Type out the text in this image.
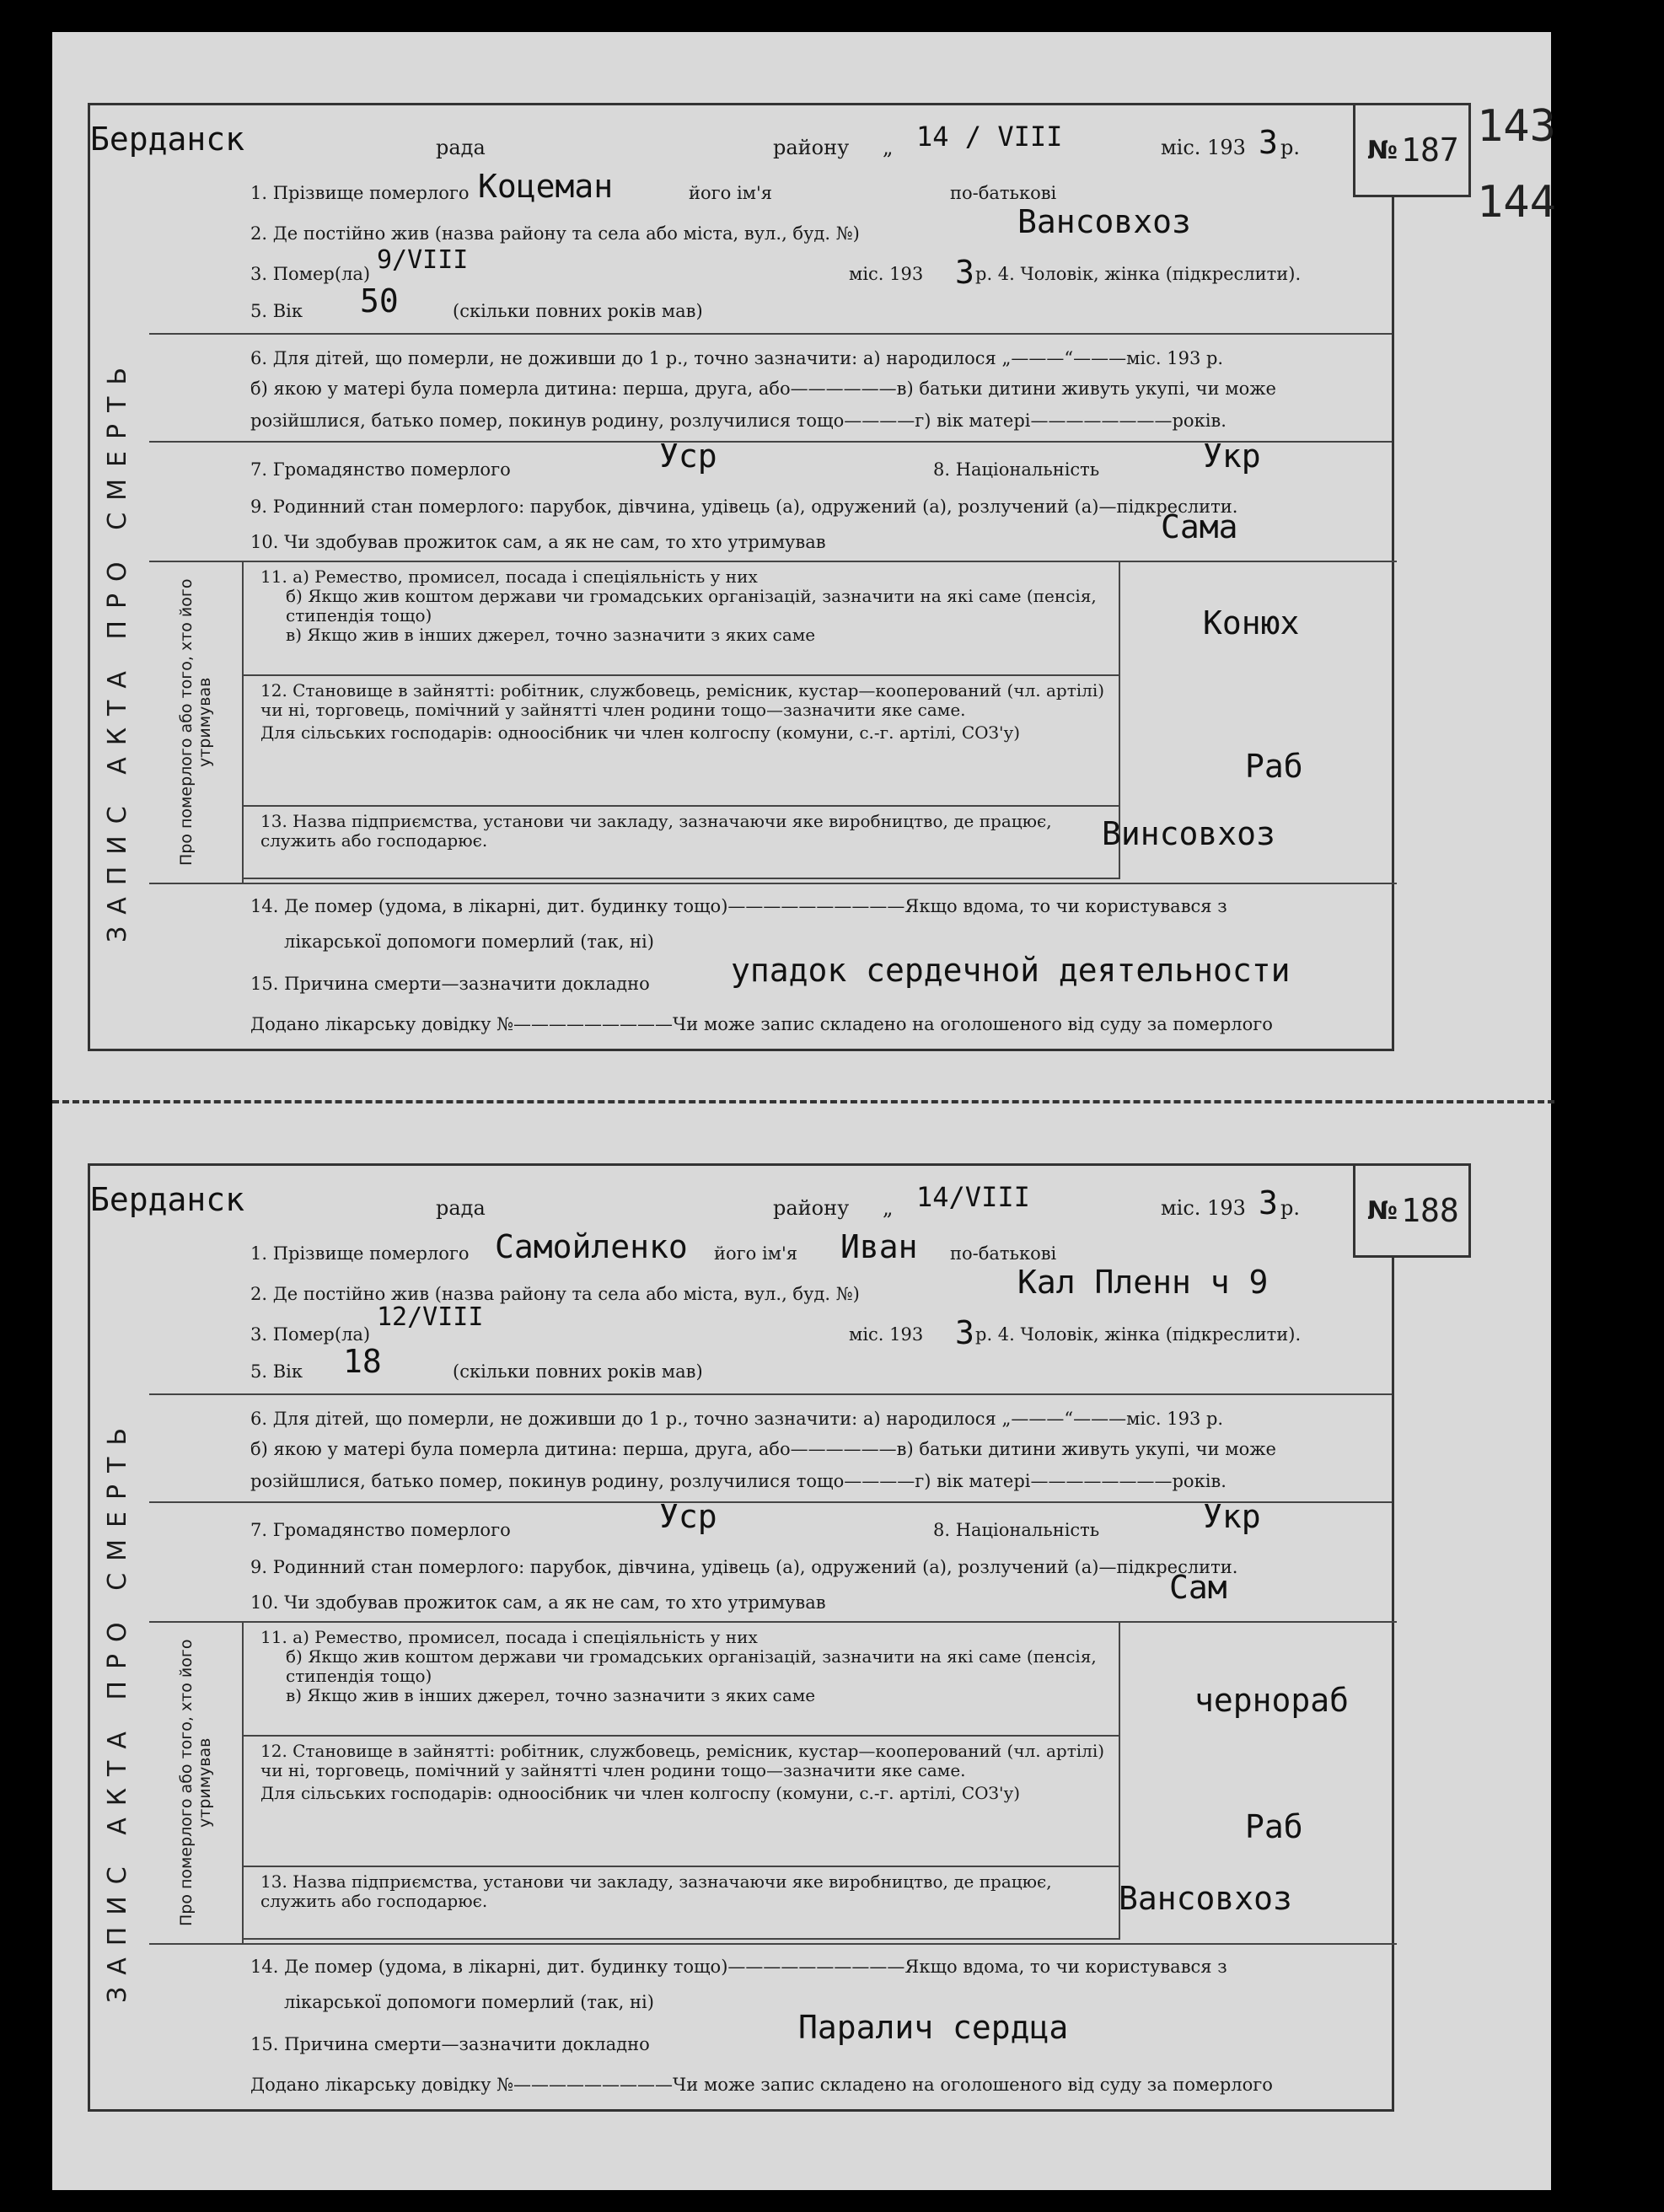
143
144
№ 187
Берданск	рада	району „ 14 / VIII	міс. 193 3 р.
ЗАПИС АКТА ПРО СМЕРТЬ
1. Прізвище померлого Коцеман	його ім'я	по-батькові
2. Де постійно жив (назва району та села або міста, вул., буд. №)	Вансовхоз
3. Помер(ла) 9/VIII	міс. 193 3 р. 4. Чоловік, жінка (підкреслити).
5. Вік 50	(скільки повних років мав)
6. Для дітей, що померли, не доживши до 1 р., точно зазначити: а) народилося „———“———міс. 193 р.
б) якою у матері була померла дитина: перша, друга, або——————в) батьки дитини живуть укупі, чи може
розійшлися, батько помер, покинув родину, розлучилися тощо————г) вік матері————————років.
7. Громадянство померлого	Уср	8. Національність	Укр
9. Родинний стан померлого: парубок, дівчина, удівець (а), одружений (а), розлучений (а)—підкреслити.
10. Чи здобував прожиток сам, а як не сам, то хто утримував	Сама
Про померлого або того, хто його утримував
11. а) Ремество, промисел, посада і спеціяльність у них
б) Якщо жив коштом держави чи громадських організацій, зазначити на які саме (пенсія, стипендія тощо)
в) Якщо жив в інших джерел, точно зазначити з яких саме	Конюх
12. Становище в зайнятті: робітник, службовець, ремісник, кустар—кооперований (чл. артілі) чи ні, торговець, помічний у зайнятті член родини тощо—зазначити яке саме.
Для сільських господарів: одноосібник чи член колгоспу (комуни, с.-г. артілі, СОЗ'у)
Раб
13. Назва підприємства, установи чи закладу, зазначаючи яке виробництво, де працює, служить або господарює.	Винсовхоз
14. Де помер (удома, в лікарні, дит. будинку тощо)——————————Якщо вдома, то чи користувався з
лікарської допомоги померлий (так, ні)
15. Причина смерти—зазначити докладно	упадок сердечной деятельности
Додано лікарську довідку №—————————Чи може запис складено на оголошеного від суду за померлого
№ 188
Берданск	рада	району „ 14/VIII	міс. 193 3 р.
ЗАПИС АКТА ПРО СМЕРТЬ
1. Прізвище померлого Самойленко його ім'я Иван по-батькові
2. Де постійно жив (назва району та села або міста, вул., буд. №)	Кал Пленн ч 9
3. Помер(ла)
12/VIII
міс. 193 3 р. 4. Чоловік, жінка (підкреслити).
5. Вік 18	(скільки повних років мав)
6. Для дітей, що померли, не доживши до 1 р., точно зазначити: а) народилося „———“———міс. 193 р.
б) якою у матері була померла дитина: перша, друга, або——————в) батьки дитини живуть укупі, чи може
розійшлися, батько помер, покинув родину, розлучилися тощо————г) вік матері————————років.
7. Громадянство померлого	Уср	8. Національність	Укр
9. Родинний стан померлого: парубок, дівчина, удівець (а), одружений (а), розлучений (а)—підкреслити.
10. Чи здобував прожиток сам, а як не сам, то хто утримував	Сам
Про померлого або того, хто його утримував
11. а) Ремество, промисел, посада і спеціяльність у них
б) Якщо жив коштом держави чи громадських організацій, зазначити на які саме (пенсія, стипендія тощо)
в) Якщо жив в інших джерел, точно зазначити з яких саме	чернораб
12. Становище в зайнятті: робітник, службовець, ремісник, кустар—кооперований (чл. артілі) чи ні, торговець, помічний у зайнятті член родини тощо—зазначити яке саме.
Для сільських господарів: одноосібник чи член колгоспу (комуни, с.-г. артілі, СОЗ'у)
Раб
13. Назва підприємства, установи чи закладу, зазначаючи яке виробництво, де працює, служить або господарює.	Вансовхоз
14. Де помер (удома, в лікарні, дит. будинку тощо)——————————Якщо вдома, то чи користувався з
лікарської допомоги померлий (так, ні)
15. Причина смерти—зазначити докладно	Паралич сердца
Додано лікарську довідку №—————————Чи може запис складено на оголошеного від суду за померлого
